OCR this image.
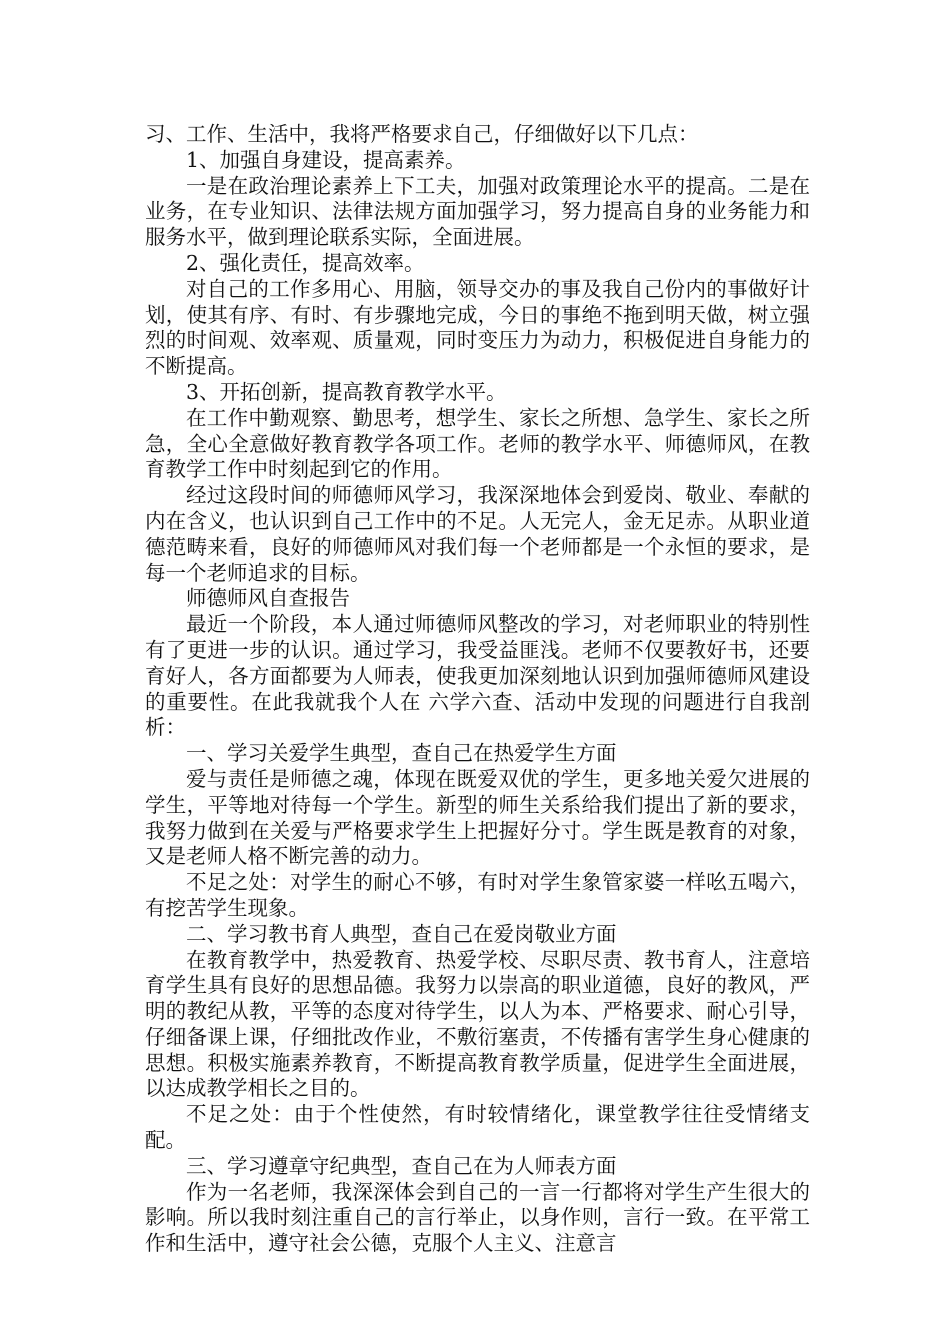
习、工作、生活中，我将严格要求自己，仔细做好以下几点：

1、加强自身建设，提高素养。

一是在政治理论素养上下工夫，加强对政策理论水平的提高。二是在业务，在专业知识、法律法规方面加强学习，努力提高自身的业务能力和服务水平，做到理论联系实际，全面进展。

2、强化责任，提高效率。

对自己的工作多用心、用脑，领导交办的事及我自己份内的事做好计划，使其有序、有时、有步骤地完成，今日的事绝不拖到明天做，树立强烈的时间观、效率观、质量观，同时变压力为动力，积极促进自身能力的不断提高。

3、开拓创新，提高教育教学水平。

在工作中勤观察、勤思考，想学生、家长之所想、急学生、家长之所急，全心全意做好教育教学各项工作。老师的教学水平、师德师风，在教育教学工作中时刻起到它的作用。

经过这段时间的师德师风学习，我深深地体会到爱岗、敬业、奉献的内在含义，也认识到自己工作中的不足。人无完人，金无足赤。从职业道德范畴来看，良好的师德师风对我们每一个老师都是一个永恒的要求，是每一个老师追求的目标。

师德师风自查报告

最近一个阶段，本人通过师德师风整改的学习，对老师职业的特别性有了更进一步的认识。通过学习，我受益匪浅。老师不仅要教好书，还要育好人，各方面都要为人师表，使我更加深刻地认识到加强师德师风建设的重要性。在此我就我个人在 六学六查、活动中发现的问题进行自我剖析：

一、学习关爱学生典型，查自己在热爱学生方面

爱与责任是师德之魂，体现在既爱双优的学生，更多地关爱欠进展的学生，平等地对待每一个学生。新型的师生关系给我们提出了新的要求，我努力做到在关爱与严格要求学生上把握好分寸。学生既是教育的对象，又是老师人格不断完善的动力。

不足之处：对学生的耐心不够，有时对学生象管家婆一样吆五喝六，有挖苦学生现象。

二、学习教书育人典型，查自己在爱岗敬业方面

在教育教学中，热爱教育、热爱学校、尽职尽责、教书育人，注意培育学生具有良好的思想品德。我努力以崇高的职业道德，良好的教风，严明的教纪从教，平等的态度对待学生，以人为本、严格要求、耐心引导，仔细备课上课，仔细批改作业，不敷衍塞责，不传播有害学生身心健康的思想。积极实施素养教育，不断提高教育教学质量，促进学生全面进展，以达成教学相长之目的。

不足之处：由于个性使然，有时较情绪化，课堂教学往往受情绪支配。

三、学习遵章守纪典型，查自己在为人师表方面

作为一名老师，我深深体会到自己的一言一行都将对学生产生很大的影响。所以我时刻注重自己的言行举止，以身作则，言行一致。在平常工作和生活中，遵守社会公德，克服个人主义、注意言
